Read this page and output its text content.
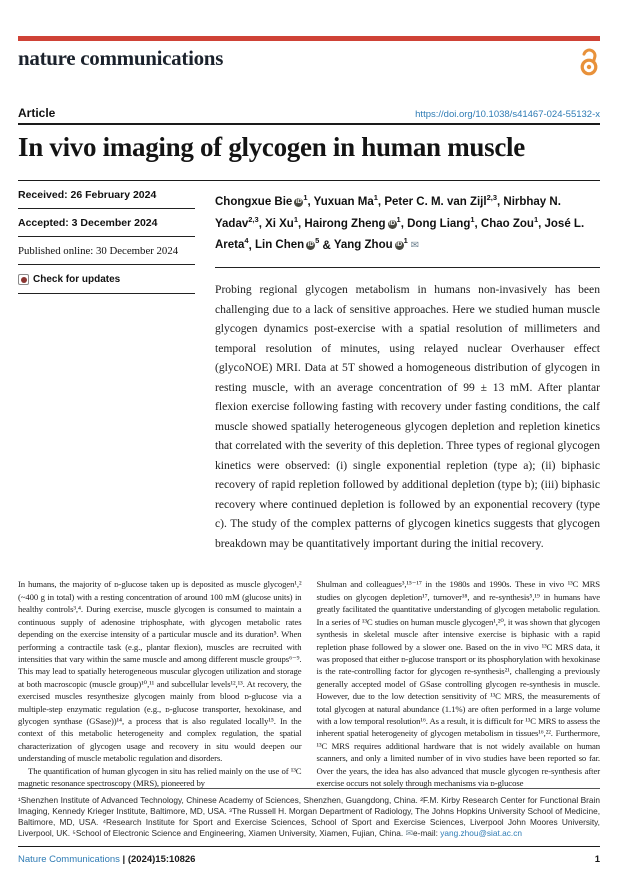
nature communications
Article	https://doi.org/10.1038/s41467-024-55132-x
In vivo imaging of glycogen in human muscle
Received: 26 February 2024
Accepted: 3 December 2024
Published online: 30 December 2024
Check for updates
Chongxue Bie iD $^1$, Yuxuan Ma$^1$, Peter C. M. van Zijl$^{2,3}$, Nirbhay N. Yadav$^{2,3}$, Xi Xu$^1$, Hairong Zheng iD $^1$, Dong Liang$^1$, Chao Zou$^1$, José L. Areta$^4$, Lin Chen iD $^5$ & Yang Zhou iD $^1$ ✉

Probing regional glycogen metabolism in humans non-invasively has been challenging due to a lack of sensitive approaches. Here we studied human muscle glycogen dynamics post-exercise with a spatial resolution of millimeters and temporal resolution of minutes, using relayed nuclear Overhauser effect (glycoNOE) MRI. Data at 5T showed a homogeneous distribution of glycogen in resting muscle, with an average concentration of 99 ± 13 mM. After plantar flexion exercise following fasting with recovery under fasting conditions, the calf muscle showed spatially heterogeneous glycogen depletion and repletion kinetics that correlated with the severity of this depletion. Three types of regional glycogen kinetics were observed: (i) single exponential repletion (type a); (ii) biphasic recovery of rapid repletion followed by additional depletion (type b); (iii) biphasic recovery where continued depletion is followed by an exponential recovery (type c). The study of the complex patterns of glycogen kinetics suggests that glycogen breakdown may be quantitatively important during the initial recovery.

In humans, the majority of ᴅ-glucose taken up is deposited as muscle glycogen¹,² (~400 g in total) with a resting concentration of around 100 mM (glucose units) in healthy controls³,⁴. During exercise, muscle glycogen is consumed to maintain a continuous supply of adenosine triphosphate, with glycogen metabolic rates depending on the exercise intensity of a particular muscle and its duration⁵. When performing a contractile task (e.g., plantar flexion), muscles are recruited with intensities that vary within the same muscle and among different muscle groups⁶⁻⁹. This may lead to spatially heterogeneous muscular glycogen utilization and storage at both macroscopic (muscle group)¹⁰,¹¹ and subcellular levels¹²,¹³. At recovery, the exercised muscles resynthesize glycogen mainly from blood ᴅ-glucose via a multiple-step enzymatic regulation (e.g., ᴅ-glucose transporter, hexokinase, and glycogen synthase (GSase))¹⁴, a process that is also regulated locally¹⁵. In the context of this metabolic heterogeneity and complex regulation, the spatial characterization of glycogen usage and recovery in situ would deepen our understanding of muscle metabolic regulation and disorders.

The quantification of human glycogen in situ has relied mainly on the use of ¹³C magnetic resonance spectroscopy (MRS), pioneered by

Shulman and colleagues³,¹⁵⁻¹⁷ in the 1980s and 1990s. These in vivo ¹³C MRS studies on glycogen depletion¹⁷, turnover¹⁸, and re-synthesis⁵,¹⁹ in humans have greatly facilitated the quantitative understanding of glycogen metabolic regulation. In a series of ¹³C studies on human muscle glycogen¹,²⁰, it was shown that glycogen synthesis in skeletal muscle after intensive exercise is biphasic with a rapid repletion phase followed by a slower one. Based on the in vivo ¹³C MRS data, it was proposed that either ᴅ-glucose transport or its phosphorylation with hexokinase is the rate-controlling factor for glycogen re-synthesis²¹, challenging a previously generally accepted model of GSase controlling glycogen re-synthesis in muscle. However, due to the low detection sensitivity of ¹³C MRS, the measurements of total glycogen at natural abundance (1.1%) are often performed in a large volume with a low temporal resolution¹⁶. As a result, it is difficult for ¹³C MRS to assess the inherent spatial heterogeneity of glycogen metabolism in tissues¹⁶,²². Furthermore, ¹³C MRS requires additional hardware that is not widely available on human scanners, and only a limited number of in vivo studies have been reported so far. Over the years, the idea has also advanced that muscle glycogen re-synthesis after exercise occurs not solely through mechanisms via ᴅ-glucose

¹Shenzhen Institute of Advanced Technology, Chinese Academy of Sciences, Shenzhen, Guangdong, China. ²F.M. Kirby Research Center for Functional Brain Imaging, Kennedy Krieger Institute, Baltimore, MD, USA. ³The Russell H. Morgan Department of Radiology, The Johns Hopkins University School of Medicine, Baltimore, MD, USA. ⁴Research Institute for Sport and Exercise Sciences, School of Sport and Exercise Sciences, Liverpool John Moores University, Liverpool, UK. ⁵School of Electronic Science and Engineering, Xiamen University, Xiamen, Fujian, China. ✉e-mail: yang.zhou@siat.ac.cn
Nature Communications | (2024)15:10826	1
